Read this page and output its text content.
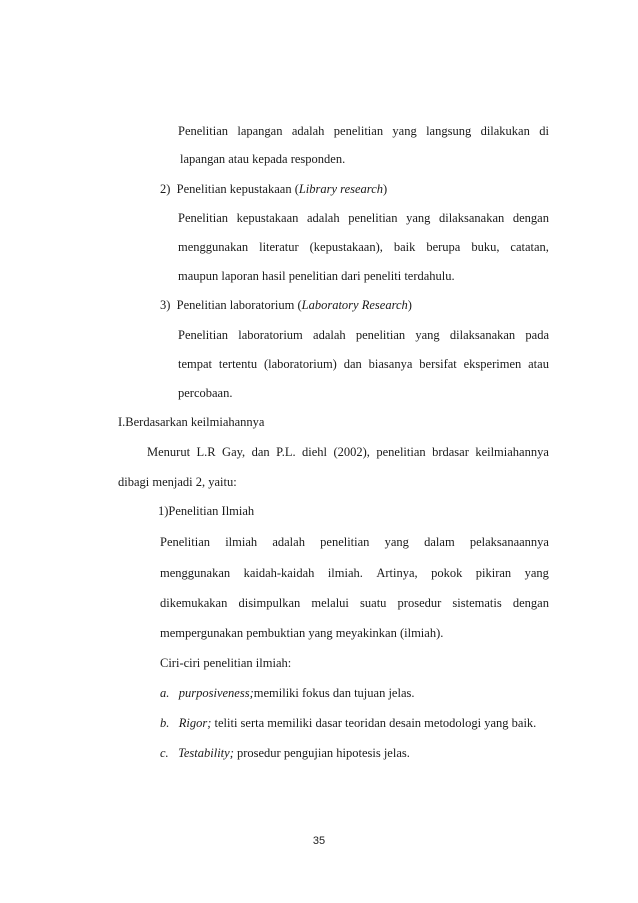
Penelitian lapangan adalah penelitian yang langsung dilakukan di
lapangan atau kepada responden.
2) Penelitian kepustakaan (Library research)
Penelitian kepustakaan adalah penelitian yang dilaksanakan dengan
menggunakan literatur (kepustakaan), baik berupa buku, catatan,
maupun laporan hasil penelitian dari peneliti terdahulu.
3) Penelitian laboratorium (Laboratory Research)
Penelitian laboratorium adalah penelitian yang dilaksanakan pada
tempat tertentu (laboratorium) dan biasanya bersifat eksperimen atau
percobaan.
I.Berdasarkan keilmiahannya
Menurut L.R Gay, dan P.L. diehl (2002), penelitian brdasar keilmiahannya
dibagi menjadi 2, yaitu:
1)Penelitian Ilmiah
Penelitian ilmiah adalah penelitian yang dalam pelaksanaannya
menggunakan kaidah-kaidah ilmiah. Artinya, pokok pikiran yang
dikemukakan disimpulkan melalui suatu prosedur sistematis dengan
mempergunakan pembuktian yang meyakinkan (ilmiah).
Ciri-ciri penelitian ilmiah:
a. purposiveness;memiliki fokus dan tujuan jelas.
b. Rigor; teliti serta memiliki dasar teoridan desain metodologi yang baik.
c. Testability; prosedur pengujian hipotesis jelas.
35
